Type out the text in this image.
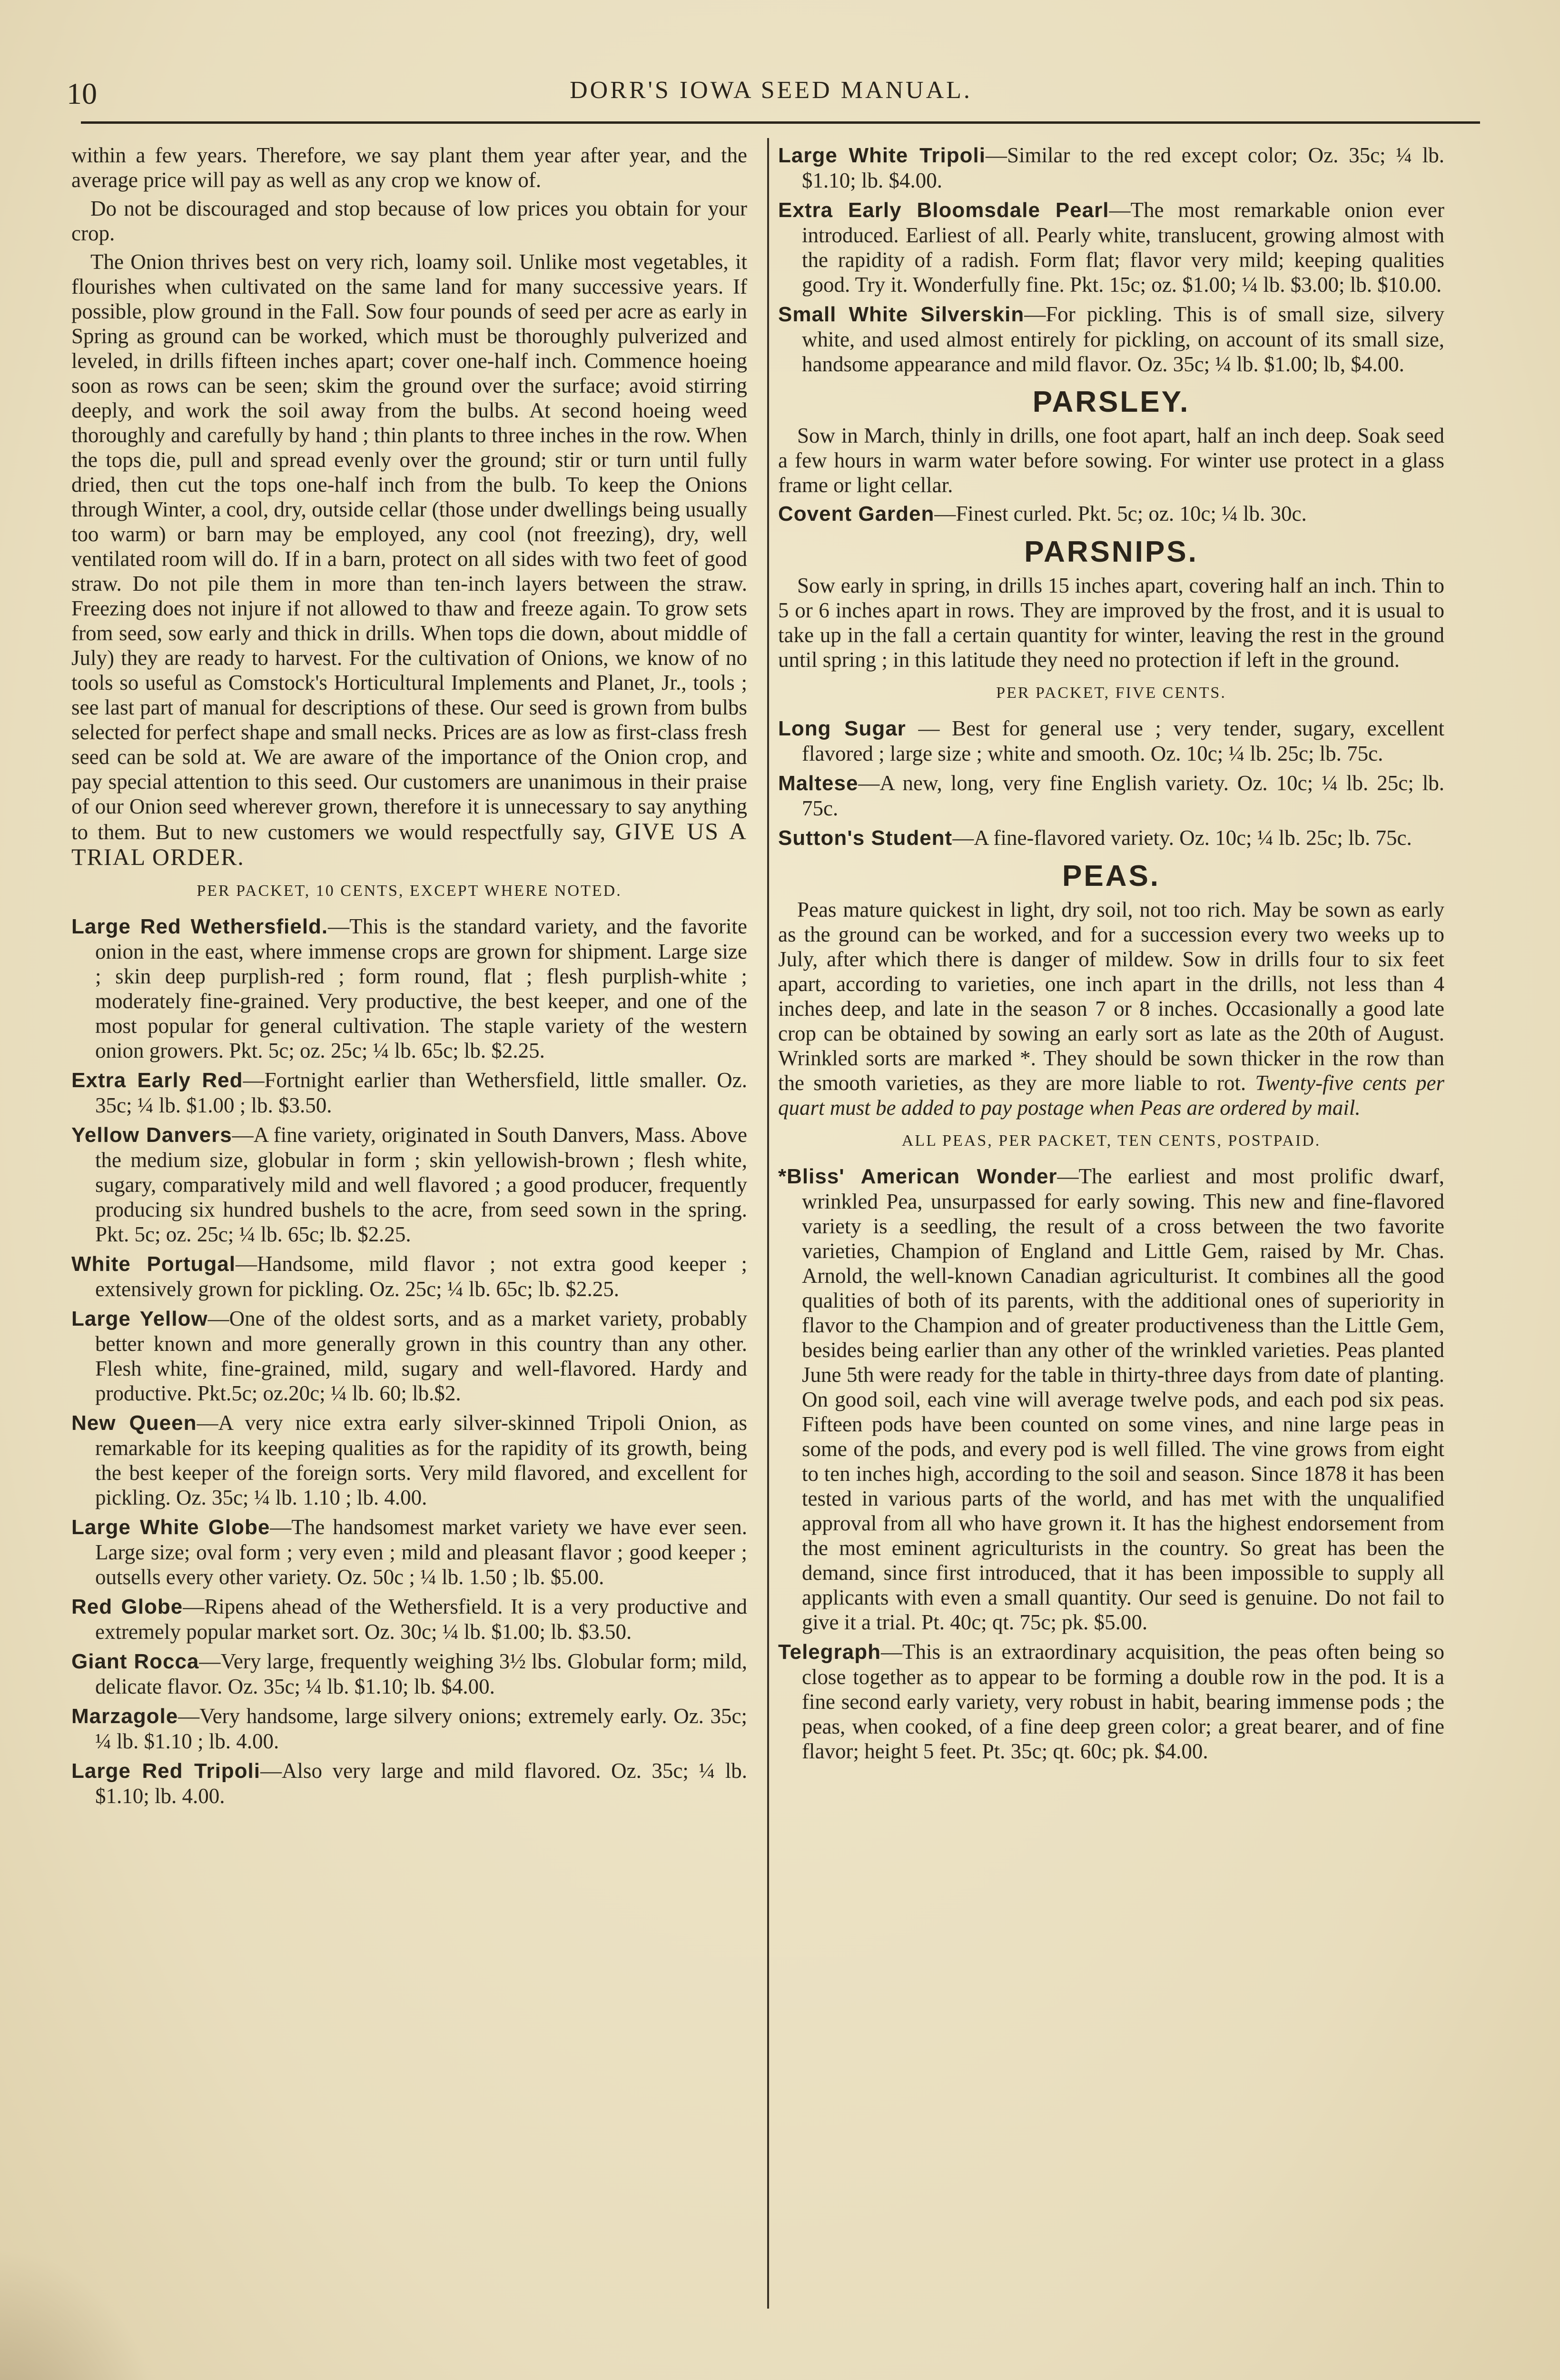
10	DORR'S IOWA SEED MANUAL.

within a few years. Therefore, we say plant them year after year, and the average price will pay as well as any crop we know of.

Do not be discouraged and stop because of low prices you obtain for your crop.

The Onion thrives best on very rich, loamy soil. Unlike most vegetables, it flourishes when cultivated on the same land for many successive years. If possible, plow ground in the Fall. Sow four pounds of seed per acre as early in Spring as ground can be worked, which must be thoroughly pulverized and leveled, in drills fifteen inches apart; cover one-half inch. Commence hoeing soon as rows can be seen; skim the ground over the surface; avoid stirring deeply, and work the soil away from the bulbs. At second hoeing weed thoroughly and carefully by hand ; thin plants to three inches in the row. When the tops die, pull and spread evenly over the ground; stir or turn until fully dried, then cut the tops one-half inch from the bulb. To keep the Onions through Winter, a cool, dry, outside cellar (those under dwellings being usually too warm) or barn may be employed, any cool (not freezing), dry, well ventilated room will do. If in a barn, protect on all sides with two feet of good straw. Do not pile them in more than ten-inch layers between the straw. Freezing does not injure if not allowed to thaw and freeze again. To grow sets from seed, sow early and thick in drills. When tops die down, about middle of July) they are ready to harvest. For the cultivation of Onions, we know of no tools so useful as Comstock's Horticultural Implements and Planet, Jr., tools ; see last part of manual for descriptions of these. Our seed is grown from bulbs selected for perfect shape and small necks. Prices are as low as first-class fresh seed can be sold at. We are aware of the importance of the Onion crop, and pay special attention to this seed. Our customers are unanimous in their praise of our Onion seed wherever grown, therefore it is unnecessary to say anything to them. But to new customers we would respectfully say, GIVE US A TRIAL ORDER.

PER PACKET, 10 CENTS, EXCEPT WHERE NOTED.

Large Red Wethersfield.—This is the standard variety, and the favorite onion in the east, where immense crops are grown for shipment. Large size ; skin deep purplish-red ; form round, flat ; flesh purplish-white ; moderately fine-grained. Very productive, the best keeper, and one of the most popular for general cultivation. The staple variety of the western onion growers. Pkt. 5c; oz. 25c; ¼ lb. 65c; lb. $2.25.

Extra Early Red—Fortnight earlier than Wethersfield, little smaller. Oz. 35c; ¼ lb. $1.00 ; lb. $3.50.

Yellow Danvers—A fine variety, originated in South Danvers, Mass. Above the medium size, globular in form ; skin yellowish-brown ; flesh white, sugary, comparatively mild and well flavored ; a good producer, frequently producing six hundred bushels to the acre, from seed sown in the spring. Pkt. 5c; oz. 25c; ¼ lb. 65c; lb. $2.25.

White Portugal—Handsome, mild flavor ; not extra good keeper ; extensively grown for pickling. Oz. 25c; ¼ lb. 65c; lb. $2.25.

Large Yellow—One of the oldest sorts, and as a market variety, probably better known and more generally grown in this country than any other. Flesh white, fine-grained, mild, sugary and well-flavored. Hardy and productive. Pkt.5c; oz.20c; ¼ lb. 60; lb.$2.

New Queen—A very nice extra early silver-skinned Tripoli Onion, as remarkable for its keeping qualities as for the rapidity of its growth, being the best keeper of the foreign sorts. Very mild flavored, and excellent for pickling. Oz. 35c; ¼ lb. 1.10 ; lb. 4.00.

Large White Globe—The handsomest market variety we have ever seen. Large size; oval form ; very even ; mild and pleasant flavor ; good keeper ; outsells every other variety. Oz. 50c ; ¼ lb. 1.50 ; lb. $5.00.

Red Globe—Ripens ahead of the Wethersfield. It is a very productive and extremely popular market sort. Oz. 30c; ¼ lb. $1.00; lb. $3.50.

Giant Rocca—Very large, frequently weighing 3½ lbs. Globular form; mild, delicate flavor. Oz. 35c; ¼ lb. $1.10; lb. $4.00.

Marzagole—Very handsome, large silvery onions; extremely early. Oz. 35c; ¼ lb. $1.10 ; lb. 4.00.

Large Red Tripoli—Also very large and mild flavored. Oz. 35c; ¼ lb. $1.10; lb. 4.00.

Large White Tripoli—Similar to the red except color; Oz. 35c; ¼ lb. $1.10; lb. $4.00.

Extra Early Bloomsdale Pearl—The most remarkable onion ever introduced. Earliest of all. Pearly white, translucent, growing almost with the rapidity of a radish. Form flat; flavor very mild; keeping qualities good. Try it. Wonderfully fine. Pkt. 15c; oz. $1.00; ¼ lb. $3.00; lb. $10.00.

Small White Silverskin—For pickling. This is of small size, silvery white, and used almost entirely for pickling, on account of its small size, handsome appearance and mild flavor. Oz. 35c; ¼ lb. $1.00; lb, $4.00.

PARSLEY.

Sow in March, thinly in drills, one foot apart, half an inch deep. Soak seed a few hours in warm water before sowing. For winter use protect in a glass frame or light cellar.

Covent Garden—Finest curled. Pkt. 5c; oz. 10c; ¼ lb. 30c.

PARSNIPS.

Sow early in spring, in drills 15 inches apart, covering half an inch. Thin to 5 or 6 inches apart in rows. They are improved by the frost, and it is usual to take up in the fall a certain quantity for winter, leaving the rest in the ground until spring ; in this latitude they need no protection if left in the ground.

PER PACKET, FIVE CENTS.

Long Sugar — Best for general use ; very tender, sugary, excellent flavored ; large size ; white and smooth. Oz. 10c; ¼ lb. 25c; lb. 75c.

Maltese—A new, long, very fine English variety. Oz. 10c; ¼ lb. 25c; lb. 75c.

Sutton's Student—A fine-flavored variety. Oz. 10c; ¼ lb. 25c; lb. 75c.

PEAS.

Peas mature quickest in light, dry soil, not too rich. May be sown as early as the ground can be worked, and for a succession every two weeks up to July, after which there is danger of mildew. Sow in drills four to six feet apart, according to varieties, one inch apart in the drills, not less than 4 inches deep, and late in the season 7 or 8 inches. Occasionally a good late crop can be obtained by sowing an early sort as late as the 20th of August. Wrinkled sorts are marked *. They should be sown thicker in the row than the smooth varieties, as they are more liable to rot. Twenty-five cents per quart must be added to pay postage when Peas are ordered by mail.

ALL PEAS, PER PACKET, TEN CENTS, POSTPAID.

*Bliss' American Wonder—The earliest and most prolific dwarf, wrinkled Pea, unsurpassed for early sowing. This new and fine-flavored variety is a seedling, the result of a cross between the two favorite varieties, Champion of England and Little Gem, raised by Mr. Chas. Arnold, the well-known Canadian agriculturist. It combines all the good qualities of both of its parents, with the additional ones of superiority in flavor to the Champion and of greater productiveness than the Little Gem, besides being earlier than any other of the wrinkled varieties. Peas planted June 5th were ready for the table in thirty-three days from date of planting. On good soil, each vine will average twelve pods, and each pod six peas. Fifteen pods have been counted on some vines, and nine large peas in some of the pods, and every pod is well filled. The vine grows from eight to ten inches high, according to the soil and season. Since 1878 it has been tested in various parts of the world, and has met with the unqualified approval from all who have grown it. It has the highest endorsement from the most eminent agriculturists in the country. So great has been the demand, since first introduced, that it has been impossible to supply all applicants with even a small quantity. Our seed is genuine. Do not fail to give it a trial. Pt. 40c; qt. 75c; pk. $5.00.

Telegraph—This is an extraordinary acquisition, the peas often being so close together as to appear to be forming a double row in the pod. It is a fine second early variety, very robust in habit, bearing immense pods ; the peas, when cooked, of a fine deep green color; a great bearer, and of fine flavor; height 5 feet. Pt. 35c; qt. 60c; pk. $4.00.
